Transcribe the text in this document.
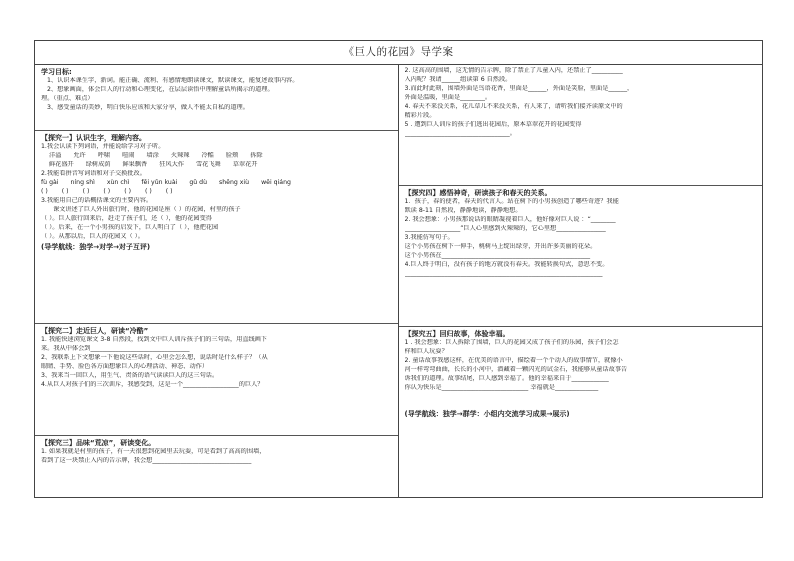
《巨人的花园》导学案
学习目标:
1、认识本课生字，新词。能正确、流利、有感情地朗读课文，默读课文，能复述故事内容。
2、想象画面，体会巨人的行动和心理变化，在层层读悟中理解童话所揭示的道理。
理。（重点、难点）
3、感受童话的美妙，明白快乐应该和大家分享，做人不能太自私的道理。
【探究一】认识生字，理解内容。
1.我会认读下列词语，并能说给学习对子听。
洋溢 允许 呼啸 喧闹 墙涂 火辣辣 冷酷 脸颊 拆除
鲜花盛开 绿树成荫 鲜果飘香 狂风大作 雪花飞舞 草翠花开
2.我能看拼音写词语和对子交换批改。
fù gài níng shì xùn chì fēi yǔn kuài gǔ dù shēng xiù wēi qiáng
( ) ( ) ( ) ( ) ( ) ( ) ( )
3.我能用自己的话概括课文的主要内容。
课文讲述了巨人外出旅行时，他的花园是座（ ）的花园，村里的孩子
（ ）。巨人旅行回来后，赶走了孩子们，还（ ），他的花园变得
（ ）。后来，在一个小男孩的启发下，巨人明白了（ ），他把花园
（ ）。从那以后，巨人的花园又（ ）。
(导学航线：独学→对学→对子互评)
【探究二】走近巨人，研读“冷酷”
1. 我能快速浏览课文 3-8 自然段，找到文中巨人训斥孩子们的三句话，用直线画下
来。我从中体会到________________________________
2、我联系上下文想象一下他说这些话时，心里会怎么想，说话时是什么样子？（从
眼睛、手势、脸色各方面想象巨人的心理活动、神态、动作）
3、我来当一回巨人，用生气、责备的语气读读巨人的这三句话。
4.从巨人对孩子们的三次训斥，我感受到，这是一个__________________的巨人？
【探究三】品味“荒凉”，研读变化。
1. 如果我就是村里的孩子，有一天很想到花园里去玩耍，可是看到了高高的围墙，
看到了这一块禁止入内的告示牌，我会想________________________________
2. 这高高的围墙，这无情的告示牌，除了禁止了儿童入内，还禁止了__________
入内呢？我请______组读第 6 自然段。
3.而此时此刻，围墙外面是鸟语花香，里面是______，外面是笑脸，里面是______，
外面是温暖，里面是________。
4. 春天不来没关系，花儿草儿不来没关系，有人来了，请听我们接齐读原文中的
精彩片段。
5 . 遭到巨人训斥的孩子们逃出花园后，原本草翠花开的花园变得
__________________________________。
【探究四】感悟神奇，研读孩子和春天的关系。
1．孩子，春的使者，春天的代言人。站在树下的小男孩创造了哪些奇迹？我能
默读 8-11 自然段，静静地读，静静地想。
2. 我会想象：小男孩那说话的眼睛凝视着巨人，他好像对巨人说 ：“________
__________________”巨人心里感到火辣辣的，它心里想________________
3.我能仿写句子。
这个小男孩在树下一伸手，桃树马上绽出绿芽，开出许多美丽的花朵。
这个小男孩在________________________________________________
4.巨人终于明白，没有孩子的地方就没有春天。我能转换句式，意思不变。
________________________________________________________________
【探究五】回归故事，体验幸福。
1 . 我会想象：巨人拆除了围墙，巨人的花园又成了孩子们的乐园，孩子们会怎
样和巨人玩耍？
2. 童话故事我感这样，在优美的语言中，描绘着一个个动人的故事情节，就像小
河一样弯弯曲曲，长长的小河中，潜藏着一颗闪光的试金石，我能够从童话故事告
诉我们的道理。故事结尾，巨人感到幸福了。他的幸福来自于____________
你认为快乐是____________________________ 幸福就是______________
(导学航线：独学→群学：小组内交流学习成果→展示)
